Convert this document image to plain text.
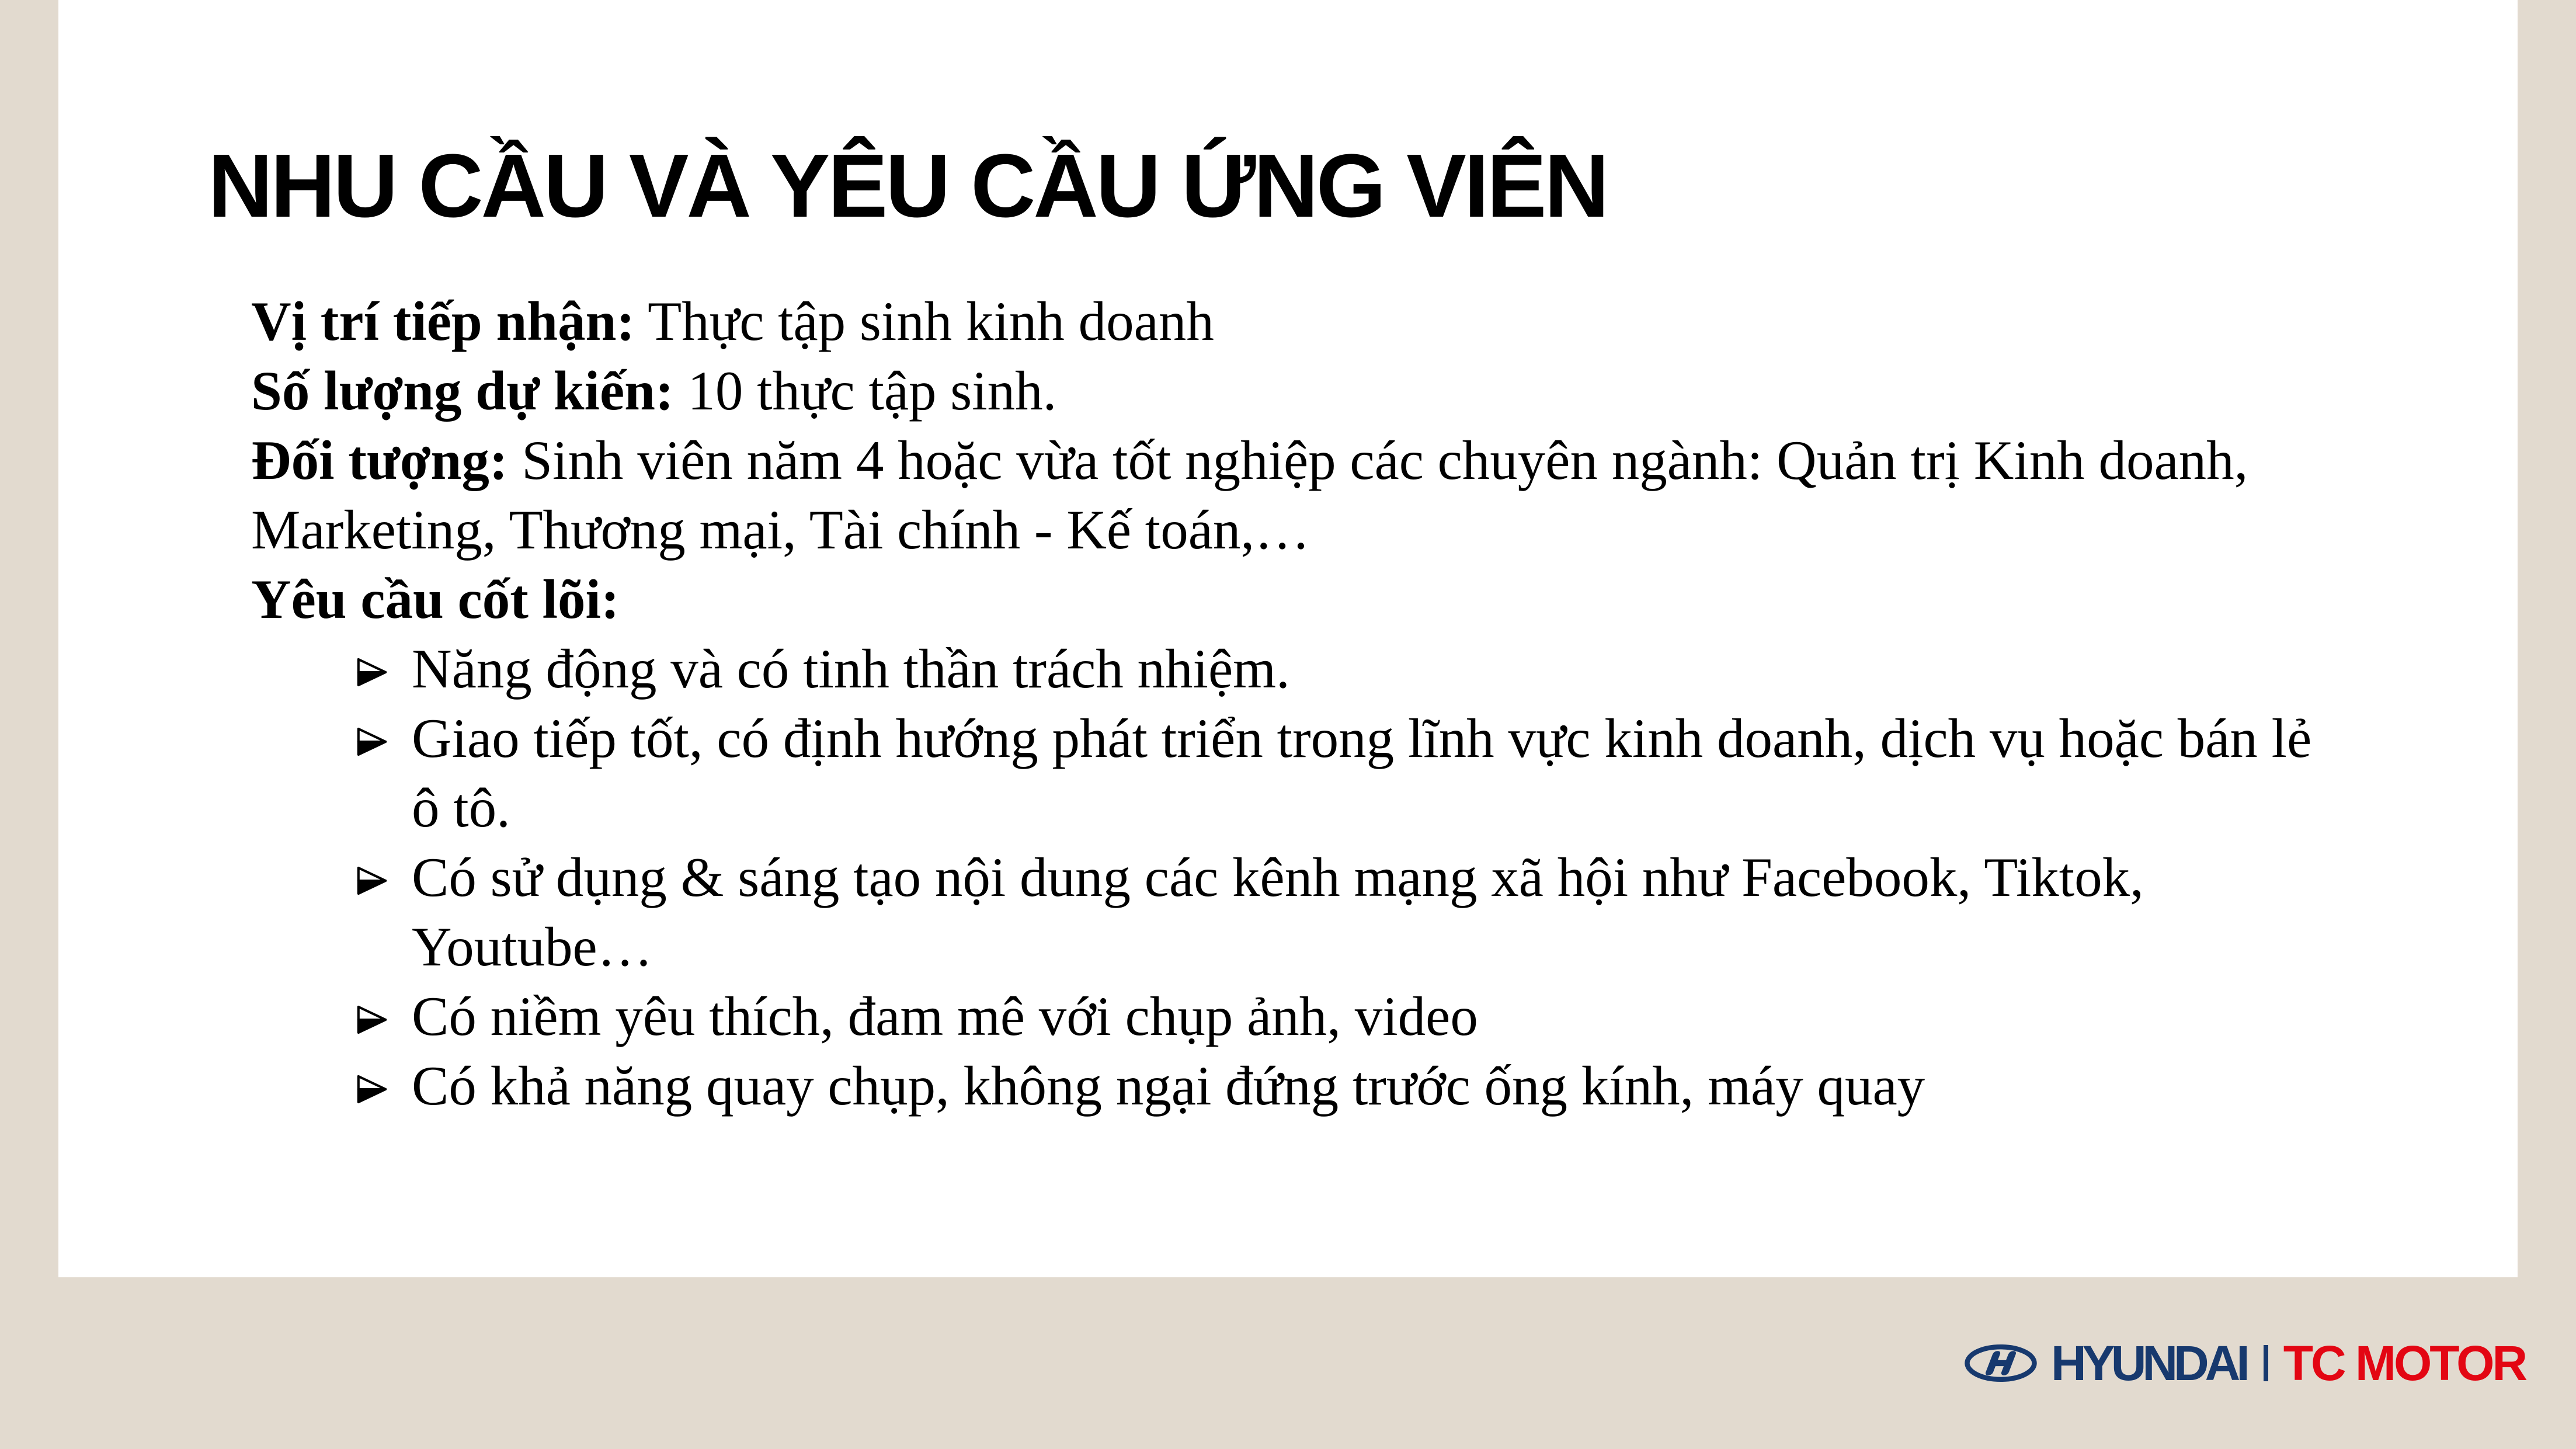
NHU CẦU VÀ YÊU CẦU ỨNG VIÊN

Vị trí tiếp nhận: Thực tập sinh kinh doanh

Số lượng dự kiến: 10 thực tập sinh.

Đối tượng: Sinh viên năm 4 hoặc vừa tốt nghiệp các chuyên ngành: Quản trị Kinh doanh,

Marketing, Thương mại, Tài chính - Kế toán,…

Yêu cầu cốt lõi:

Năng động và có tinh thần trách nhiệm.
Giao tiếp tốt, có định hướng phát triển trong lĩnh vực kinh doanh, dịch vụ hoặc bán lẻ
ô tô.
Có sử dụng & sáng tạo nội dung các kênh mạng xã hội như Facebook, Tiktok,
Youtube…
Có niềm yêu thích, đam mê với chụp ảnh, video
Có khả năng quay chụp, không ngại đứng trước ống kính, máy quay
HYUNDAI TC MOTOR
